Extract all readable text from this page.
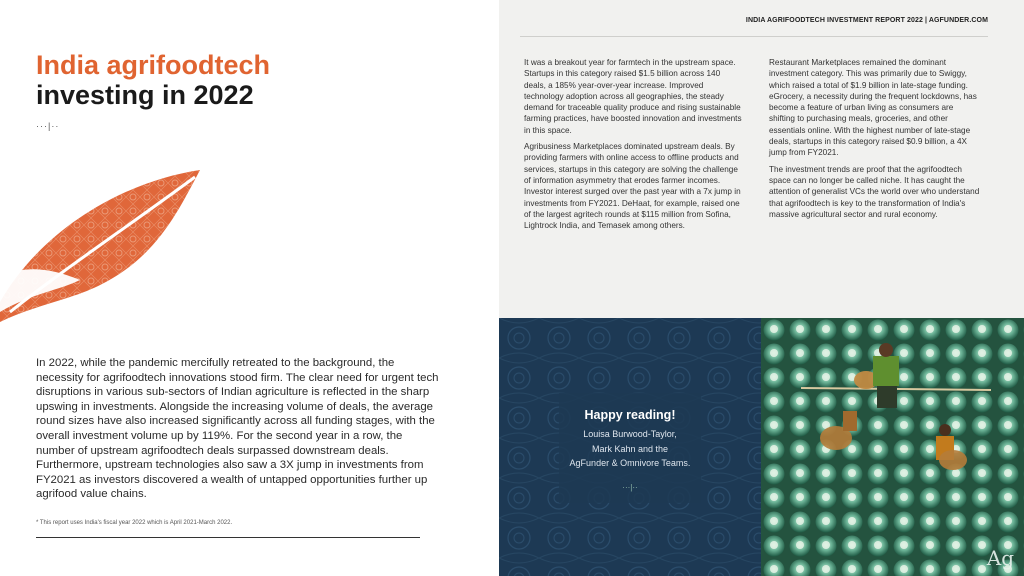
INDIA AGRIFOODTECH INVESTMENT REPORT 2022 | AGFUNDER.COM
India agrifoodtech
investing in 2022
···|··

In 2022, while the pandemic mercifully retreated to the background, the necessity for agrifoodtech innovations stood firm. The clear need for urgent tech disruptions in various sub-sectors of Indian agriculture is reflected in the sharp upswing in investments. Alongside the increasing volume of deals, the average round sizes have also increased significantly across all funding stages, with the overall investment volume up by 119%. For the second year in a row, the number of upstream agrifoodtech deals surpassed downstream deals. Furthermore, upstream technologies also saw a 3X jump in investments from FY2021 as investors discovered a wealth of untapped opportunities further up agrifood value chains.

* This report uses India's fiscal year 2022 which is April 2021-March 2022.

It was a breakout year for farmtech in the upstream space. Startups in this category raised $1.5 billion across 140 deals, a 185% year-over-year increase. Improved technology adoption across all geographies, the steady demand for traceable quality produce and rising sustainable farming practices, have boosted innovation and investments in this space.

Agribusiness Marketplaces dominated upstream deals. By providing farmers with online access to offline products and services, startups in this category are solving the challenge of information asymmetry that erodes farmer incomes. Investor interest surged over the past year with a 7x jump in investments from FY2021. DeHaat, for example, raised one of the largest agritech rounds at $115 million from Sofina, Lightrock India, and Temasek among others.

Restaurant Marketplaces remained the dominant investment category. This was primarily due to Swiggy, which raised a total of $1.9 billion in late-stage funding. eGrocery, a necessity during the frequent lockdowns, has become a feature of urban living as consumers are shifting to purchasing meals, groceries, and other essentials online. With the highest number of late-stage deals, startups in this category raised $0.9 billion, a 4X jump from FY2021.

The investment trends are proof that the agrifoodtech space can no longer be called niche. It has caught the attention of generalist VCs the world over who understand that agrifoodtech is key to the transformation of India's massive agricultural sector and rural economy.

Happy reading!
Louisa Burwood-Taylor,
Mark Kahn and the
AgFunder & Omnivore Teams.
···|··
Ag
